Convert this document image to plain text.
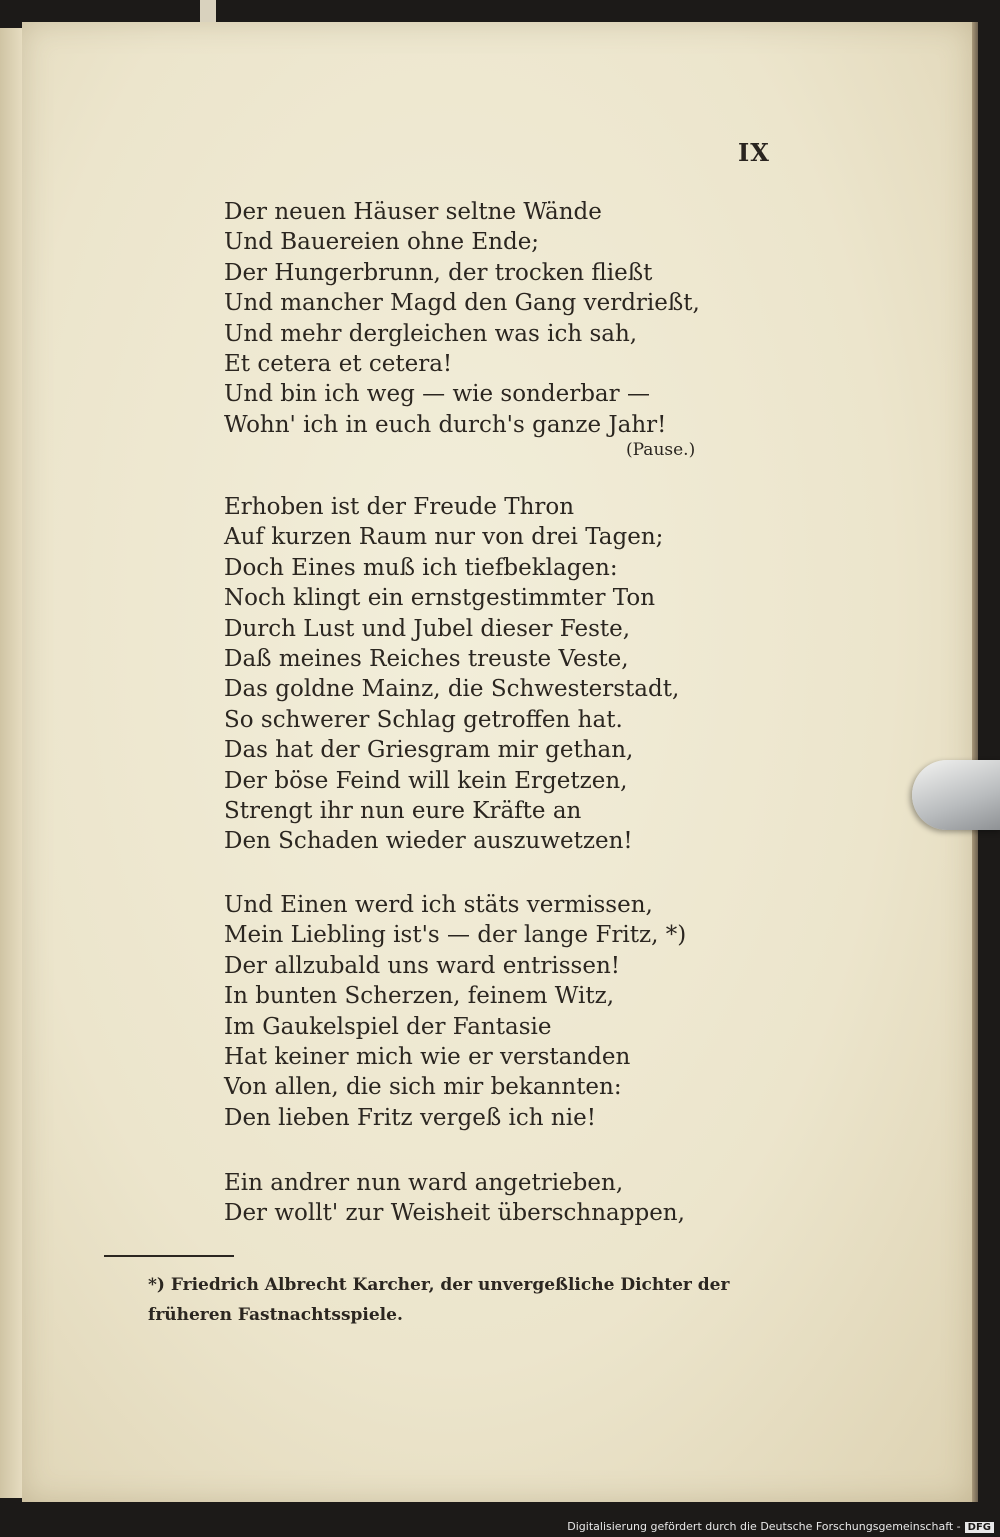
IX
Der neuen Häuser seltne Wände
Und Bauereien ohne Ende;
Der Hungerbrunn, der trocken fließt
Und mancher Magd den Gang verdrießt,
Und mehr dergleichen was ich sah,
Et cetera et cetera!
Und bin ich weg — wie sonderbar —
Wohn' ich in euch durch's ganze Jahr!
Erhoben ist der Freude Thron
Auf kurzen Raum nur von drei Tagen;
Doch Eines muß ich tiefbeklagen:
Noch klingt ein ernstgestimmter Ton
Durch Lust und Jubel dieser Feste,
Daß meines Reiches treuste Veste,
Das goldne Mainz, die Schwesterstadt,
So schwerer Schlag getroffen hat.
Das hat der Griesgram mir gethan,
Der böse Feind will kein Ergetzen,
Strengt ihr nun eure Kräfte an
Den Schaden wieder auszuwetzen!
Und Einen werd ich stäts vermissen,
Mein Liebling ist's — der lange Fritz, *)
Der allzubald uns ward entrissen!
In bunten Scherzen, feinem Witz,
Im Gaukelspiel der Fantasie
Hat keiner mich wie er verstanden
Von allen, die sich mir bekannten:
Den lieben Fritz vergeß ich nie!
Ein andrer nun ward angetrieben,
Der wollt' zur Weisheit überschnappen,
(Pause.)
*) Friedrich Albrecht Karcher, der unvergeßliche Dichter der früheren Fastnachtsspiele.
Digitalisierung gefördert durch die Deutsche Forschungsgemeinschaft - DFG
